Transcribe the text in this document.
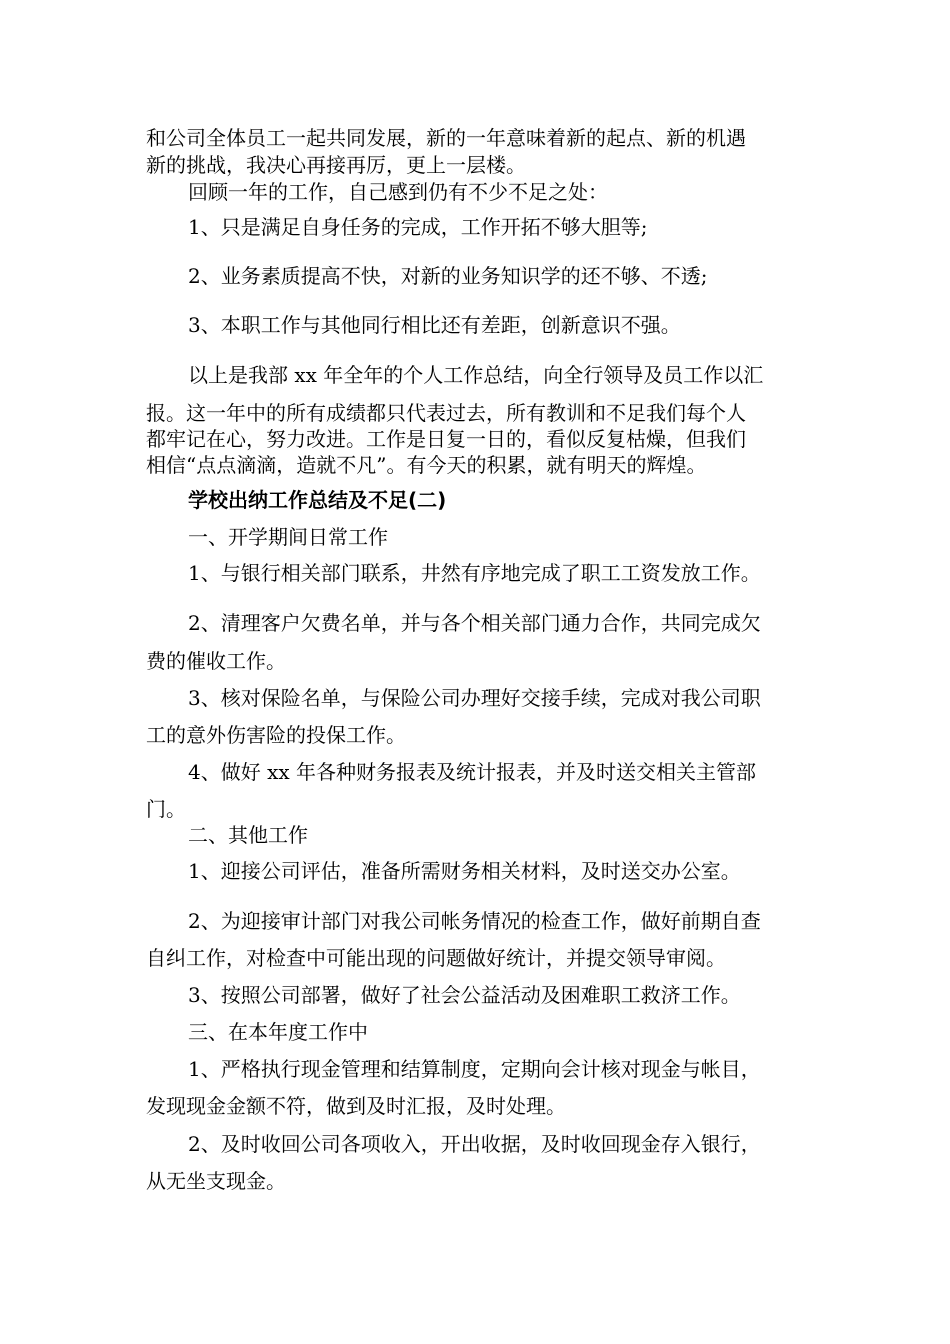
和公司全体员工一起共同发展，新的一年意味着新的起点、新的机遇
新的挑战，我决心再接再厉，更上一层楼。
回顾一年的工作，自己感到仍有不少不足之处：
1、只是满足自身任务的完成，工作开拓不够大胆等;
2、业务素质提高不快，对新的业务知识学的还不够、不透;
3、本职工作与其他同行相比还有差距，创新意识不强。
以上是我部 xx 年全年的个人工作总结，向全行领导及员工作以汇
报。这一年中的所有成绩都只代表过去，所有教训和不足我们每个人
都牢记在心，努力改进。工作是日复一日的，看似反复枯燥，但我们
相信“点点滴滴，造就不凡”。有今天的积累，就有明天的辉煌。
学校出纳工作总结及不足(二)
一、开学期间日常工作
1、与银行相关部门联系，井然有序地完成了职工工资发放工作。
2、清理客户欠费名单，并与各个相关部门通力合作，共同完成欠
费的催收工作。
3、核对保险名单，与保险公司办理好交接手续，完成对我公司职
工的意外伤害险的投保工作。
4、做好 xx 年各种财务报表及统计报表，并及时送交相关主管部
门。
二、其他工作
1、迎接公司评估，准备所需财务相关材料，及时送交办公室。
2、为迎接审计部门对我公司帐务情况的检查工作，做好前期自查
自纠工作，对检查中可能出现的问题做好统计，并提交领导审阅。
3、按照公司部署，做好了社会公益活动及困难职工救济工作。
三、在本年度工作中
1、严格执行现金管理和结算制度，定期向会计核对现金与帐目，
发现现金金额不符，做到及时汇报，及时处理。
2、及时收回公司各项收入，开出收据，及时收回现金存入银行，
从无坐支现金。
